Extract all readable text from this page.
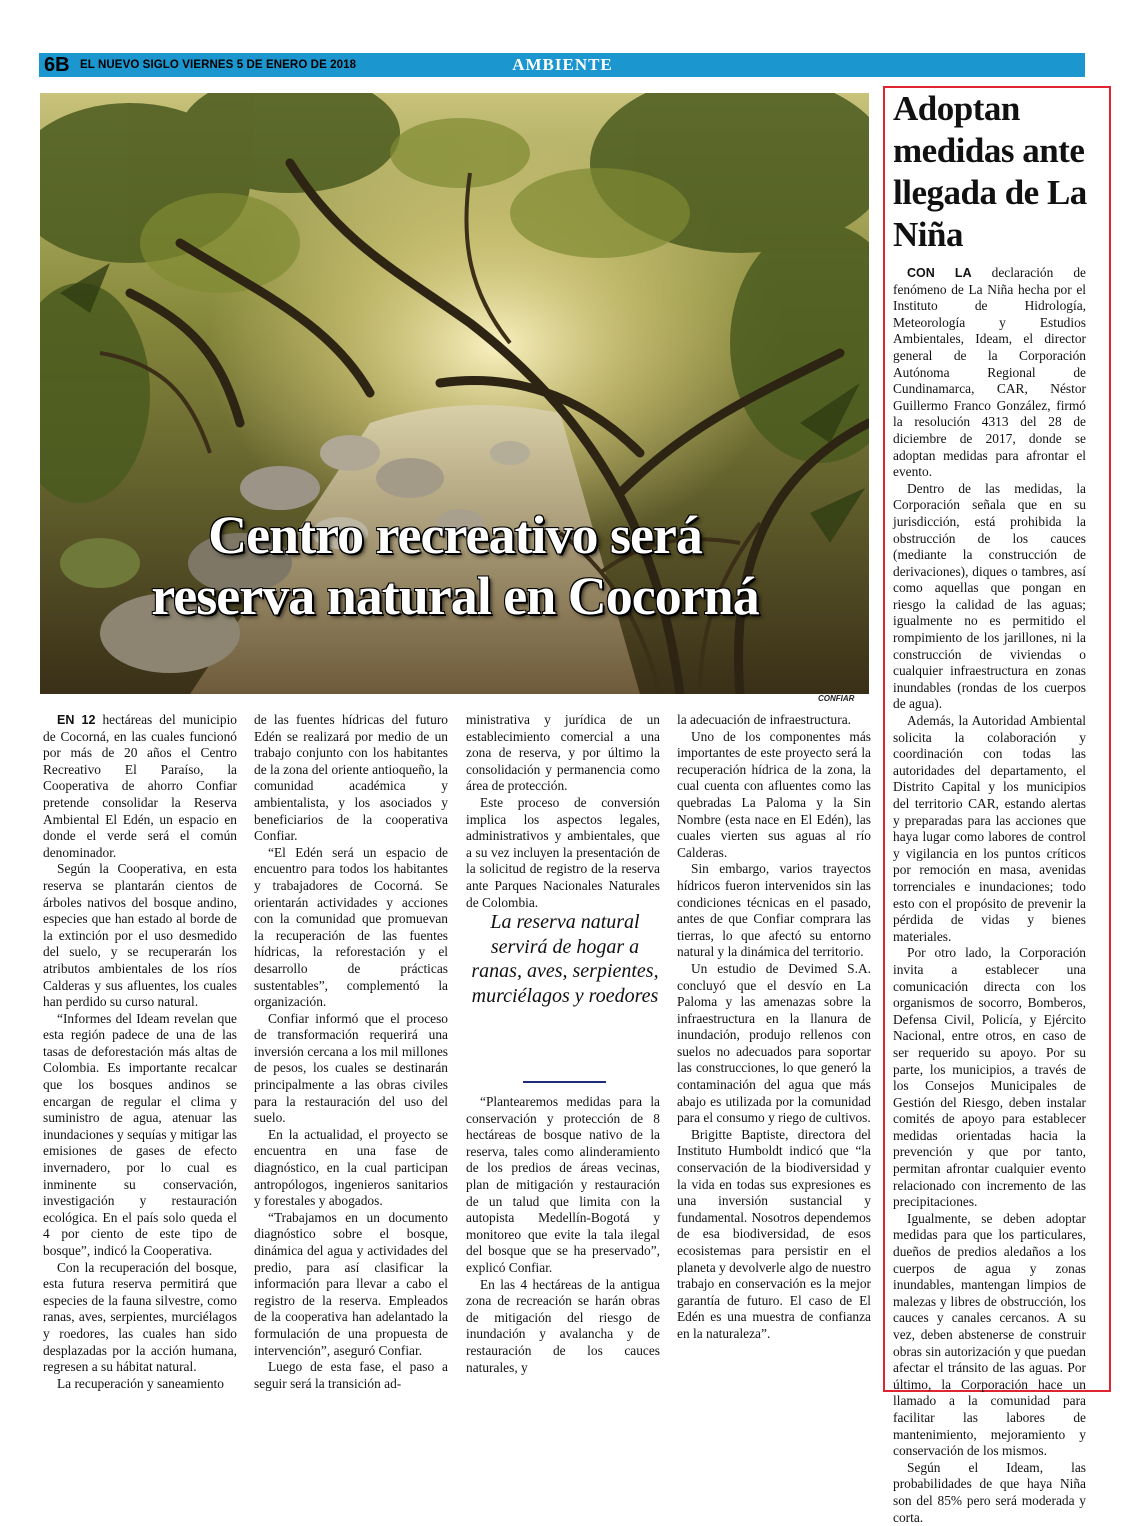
6B EL NUEVO SIGLO VIERNES 5 DE ENERO DE 2018	AMBIENTE
CONFIAR
Centro recreativo será
reserva natural en Cocorná

EN 12 hectáreas del municipio de Cocorná, en las cuales funcionó por más de 20 años el Centro Recreativo El Paraíso, la Cooperativa de ahorro Confiar pretende consolidar la Reserva Ambiental El Edén, un espacio en donde el verde será el común denominador.

Según la Cooperativa, en esta reserva se plantarán cientos de árboles nativos del bosque andino, especies que han estado al borde de la extinción por el uso desmedido del suelo, y se recuperarán los atributos ambientales de los ríos Calderas y sus afluentes, los cuales han perdido su curso natural.

“Informes del Ideam revelan que esta región padece de una de las tasas de deforestación más altas de Colombia. Es importante recalcar que los bosques andinos se encargan de regular el clima y suministro de agua, atenuar las inundaciones y sequías y mitigar las emisiones de gases de efecto invernadero, por lo cual es inminente su conservación, investigación y restauración ecológica. En el país solo queda el 4 por ciento de este tipo de bosque”, indicó la Cooperativa.

Con la recuperación del bosque, esta futura reserva permitirá que especies de la fauna silvestre, como ranas, aves, serpientes, murciélagos y roedores, las cuales han sido desplazadas por la acción humana, regresen a su hábitat natural.

La recuperación y saneamiento

de las fuentes hídricas del futuro Edén se realizará por medio de un trabajo conjunto con los habitantes de la zona del oriente antioqueño, la comunidad académica y ambientalista, y los asociados y beneficiarios de la cooperativa Confiar.

“El Edén será un espacio de encuentro para todos los habitantes y trabajadores de Cocorná. Se orientarán actividades y acciones con la comunidad que promuevan la recuperación de las fuentes hídricas, la reforestación y el desarrollo de prácticas sustentables”, complementó la organización.

Confiar informó que el proceso de transformación requerirá una inversión cercana a los mil millones de pesos, los cuales se destinarán principalmente a las obras civiles para la restauración del uso del suelo.

En la actualidad, el proyecto se encuentra en una fase de diagnóstico, en la cual participan antropólogos, ingenieros sanitarios y forestales y abogados.

“Trabajamos en un documento diagnóstico sobre el bosque, dinámica del agua y actividades del predio, para así clasificar la información para llevar a cabo el registro de la reserva. Empleados de la cooperativa han adelantado la formulación de una propuesta de intervención”, aseguró Confiar.

Luego de esta fase, el paso a seguir será la transición ad-

ministrativa y jurídica de un establecimiento comercial a una zona de reserva, y por último la consolidación y permanencia como área de protección.

Este proceso de conversión implica los aspectos legales, administrativos y ambientales, que a su vez incluyen la presentación de la solicitud de registro de la reserva ante Parques Nacionales Naturales de Colombia.

La reserva natural servirá de hogar a ranas, aves, serpientes, murciélagos y roedores

“Plantearemos medidas para la conservación y protección de 8 hectáreas de bosque nativo de la reserva, tales como alinderamiento de los predios de áreas vecinas, plan de mitigación y restauración de un talud que limita con la autopista Medellín-Bogotá y monitoreo que evite la tala ilegal del bosque que se ha preservado”, explicó Confiar.

En las 4 hectáreas de la antigua zona de recreación se harán obras de mitigación del riesgo de inundación y avalancha y de restauración de los cauces naturales, y

la adecuación de infraestructura.

Uno de los componentes más importantes de este proyecto será la recuperación hídrica de la zona, la cual cuenta con afluentes como las quebradas La Paloma y la Sin Nombre (esta nace en El Edén), las cuales vierten sus aguas al río Calderas.

Sin embargo, varios trayectos hídricos fueron intervenidos sin las condiciones técnicas en el pasado, antes de que Confiar comprara las tierras, lo que afectó su entorno natural y la dinámica del territorio.

Un estudio de Devimed S.A. concluyó que el desvío en La Paloma y las amenazas sobre la infraestructura en la llanura de inundación, produjo rellenos con suelos no adecuados para soportar las construcciones, lo que generó la contaminación del agua que más abajo es utilizada por la comunidad para el consumo y riego de cultivos.

Brigitte Baptiste, directora del Instituto Humboldt indicó que “la conservación de la biodiversidad y la vida en todas sus expresiones es una inversión sustancial y fundamental. Nosotros dependemos de esa biodiversidad, de esos ecosistemas para persistir en el planeta y devolverle algo de nuestro trabajo en conservación es la mejor garantía de futuro. El caso de El Edén es una muestra de confianza en la naturaleza”.

Adoptan medidas ante llegada de La Niña

CON LA declaración de fenómeno de La Niña hecha por el Instituto de Hidrología, Meteorología y Estudios Ambientales, Ideam, el director general de la Corporación Autónoma Regional de Cundinamarca, CAR, Néstor Guillermo Franco González, firmó la resolución 4313 del 28 de diciembre de 2017, donde se adoptan medidas para afrontar el evento.

Dentro de las medidas, la Corporación señala que en su jurisdicción, está prohibida la obstrucción de los cauces (mediante la construcción de derivaciones), diques o tambres, así como aquellas que pongan en riesgo la calidad de las aguas; igualmente no es permitido el rompimiento de los jarillones, ni la construcción de viviendas o cualquier infraestructura en zonas inundables (rondas de los cuerpos de agua).

Además, la Autoridad Ambiental solicita la colaboración y coordinación con todas las autoridades del departamento, el Distrito Capital y los municipios del territorio CAR, estando alertas y preparadas para las acciones que haya lugar como labores de control y vigilancia en los puntos críticos por remoción en masa, avenidas torrenciales e inundaciones; todo esto con el propósito de prevenir la pérdida de vidas y bienes materiales.

Por otro lado, la Corporación invita a establecer una comunicación directa con los organismos de socorro, Bomberos, Defensa Civil, Policía, y Ejército Nacional, entre otros, en caso de ser requerido su apoyo. Por su parte, los municipios, a través de los Consejos Municipales de Gestión del Riesgo, deben instalar comités de apoyo para establecer medidas orientadas hacia la prevención y que por tanto, permitan afrontar cualquier evento relacionado con incremento de las precipitaciones.

Igualmente, se deben adoptar medidas para que los particulares, dueños de predios aledaños a los cuerpos de agua y zonas inundables, mantengan limpios de malezas y libres de obstrucción, los cauces y canales cercanos. A su vez, deben abstenerse de construir obras sin autorización y que puedan afectar el tránsito de las aguas. Por último, la Corporación hace un llamado a la comunidad para facilitar las labores de mantenimiento, mejoramiento y conservación de los mismos.

Según el Ideam, las probabilidades de que haya Niña son del 85% pero será moderada y corta.
